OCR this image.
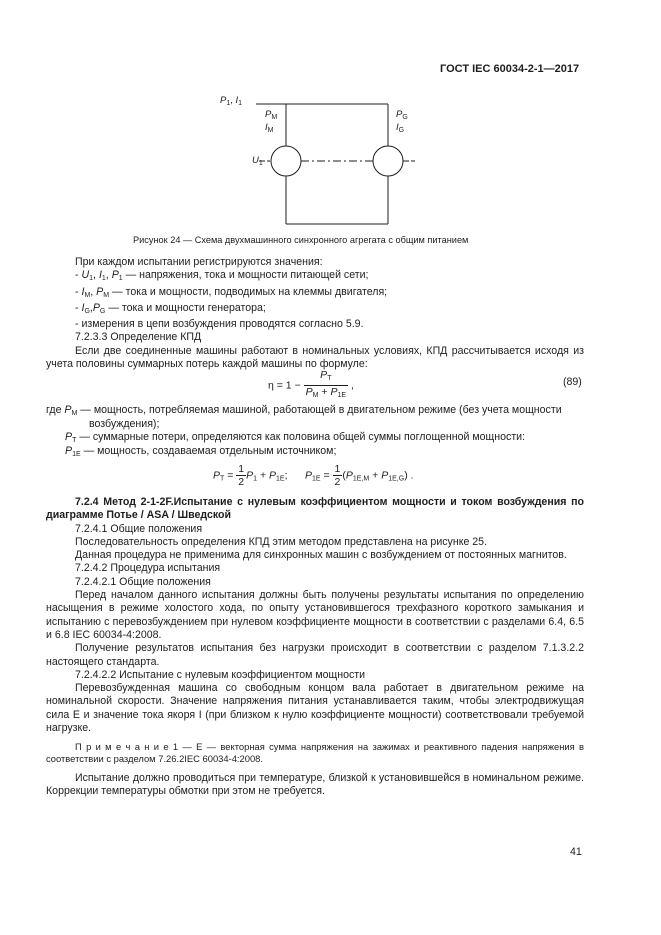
ГОСТ IEC 60034-2-1—2017
$P_1$, $I_1$
$P_M$
$I_M$
$P_G$
$I_G$
$U_1$
Рисунок 24 — Схема двухмашинного синхронного агрегата с общим питанием

При каждом испытании регистрируются значения:

- $U_1$, $I_1$, $P_1$ — напряжения, тока и мощности питающей сети;

- $I_M$, $P_M$ — тока и мощности, подводимых на клеммы двигателя;

- $I_G,P_G$ — тока и мощности генератора;

- измерения в цепи возбуждения проводятся согласно 5.9.

7.2.3.3 Определение КПД

Если две соединенные машины работают в номинальных условиях, КПД рассчитывается исходя из учета половины суммарных потерь каждой машины по формуле:

$\eta = 1 - \frac{P_T}{P_M + P_{1E}}$ ,	(89)
где $P_M$ — мощность, потребляемая машиной, работающей в двигательном режиме (без учета мощности
возбуждения);
$P_T$ — суммарные потери, определяются как половина общей суммы поглощенной мощности:
$P_{1E}$ — мощность, создаваемая отдельным источником;
$P_T = \frac{1}{2} P_1 + P_{1E}$;      $P_{1E} = \frac{1}{2} (P_{1E,M} + P_{1E,G})$ .

7.2.4 Метод 2-1-2F.Испытание с нулевым коэффициентом мощности и током возбуждения по диаграмме Потье / ASA / Шведской

7.2.4.1 Общие положения

Последовательность определения КПД этим методом представлена на рисунке 25.

Данная процедура не применима для синхронных машин с возбуждением от постоянных магнитов.

7.2.4.2 Процедура испытания

7.2.4.2.1 Общие положения

Перед началом данного испытания должны быть получены результаты испытания по определению насыщения в режиме холостого хода, по опыту установившегося трехфазного короткого замыкания и испытанию с перевозбуждением при нулевом коэффициенте мощности в соответствии с разделами 6.4, 6.5 и 6.8 IEC 60034-4:2008.

Получение результатов испытания без нагрузки происходит в соответствии с разделом 7.1.3.2.2 настоящего стандарта.

7.2.4.2.2 Испытание с нулевым коэффициентом мощности

Перевозбужденная машина со свободным концом вала работает в двигательном режиме на номинальной скорости. Значение напряжения питания устанавливается таким, чтобы электродвижущая сила E и значение тока якоря I (при близком к нулю коэффициенте мощности) соответствовали требуемой нагрузке.

П р и м е ч а н и е 1 — E — векторная сумма напряжения на зажимах и реактивного падения напряжения в соответствии с разделом 7.26.2IEC 60034-4:2008.

Испытание должно проводиться при температуре, близкой к установившейся в номинальном режиме. Коррекции температуры обмотки при этом не требуется.

41
